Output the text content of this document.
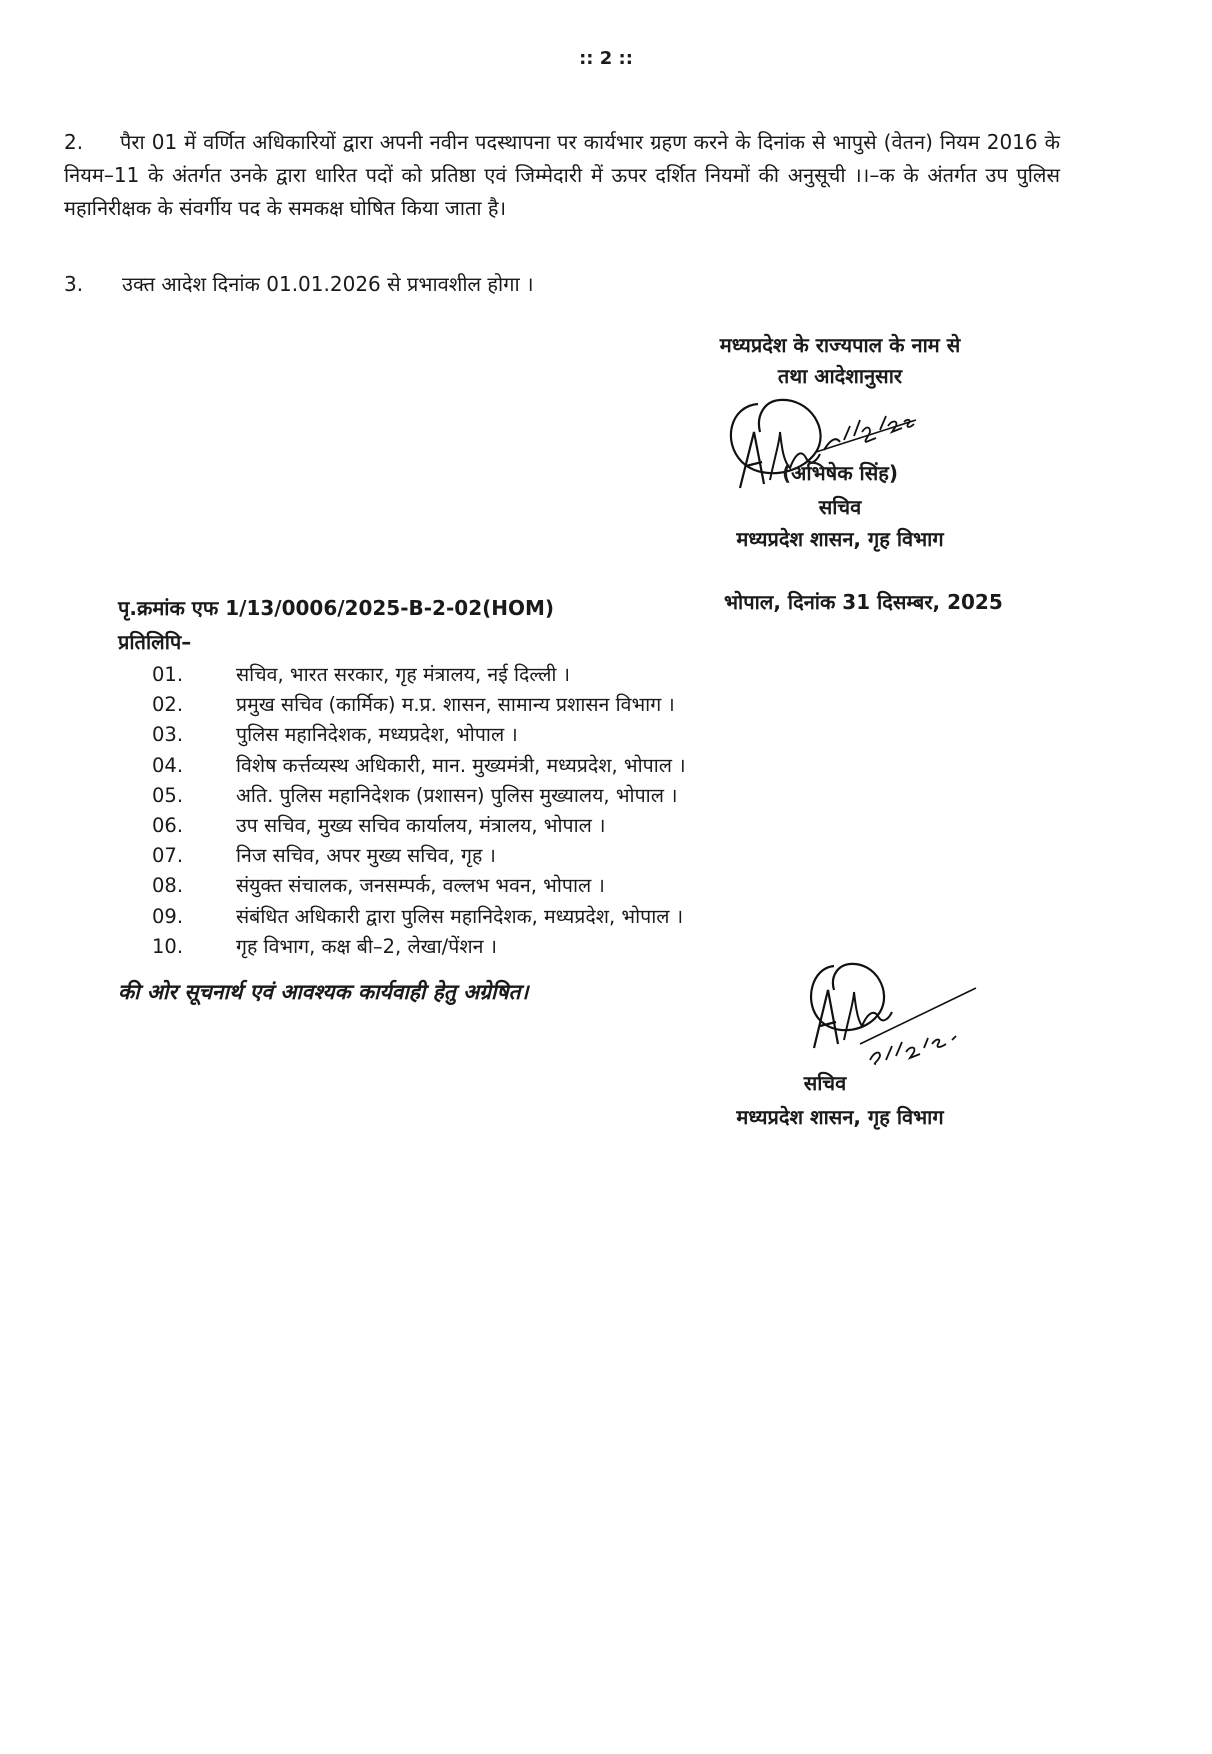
:: 2 ::
2. पैरा 01 में वर्णित अधिकारियों द्वारा अपनी नवीन पदस्थापना पर कार्यभार ग्रहण करने के दिनांक से भापुसे (वेतन) नियम 2016 के नियम–11 के अंतर्गत उनके द्वारा धारित पदों को प्रतिष्ठा एवं जिम्मेदारी में ऊपर दर्शित नियमों की अनुसूची ।।–क के अंतर्गत उप पुलिस महानिरीक्षक के संवर्गीय पद के समकक्ष घोषित किया जाता है।
3. उक्त आदेश दिनांक 01.01.2026 से प्रभावशील होगा ।
मध्यप्रदेश के राज्यपाल के नाम से
तथा आदेशानुसार
(अभिषेक सिंह)
सचिव
मध्यप्रदेश शासन, गृह विभाग
पृ.क्रमांक एफ 1/13/0006/2025-B-2-02(HOM)	भोपाल, दिनांक 31 दिसम्बर, 2025
प्रतिलिपि–
01.	सचिव, भारत सरकार, गृह मंत्रालय, नई दिल्ली ।
02.	प्रमुख सचिव (कार्मिक) म.प्र. शासन, सामान्य प्रशासन विभाग ।
03.	पुलिस महानिदेशक, मध्यप्रदेश, भोपाल ।
04.	विशेष कर्त्तव्यस्थ अधिकारी, मान. मुख्यमंत्री, मध्यप्रदेश, भोपाल ।
05.	अति. पुलिस महानिदेशक (प्रशासन) पुलिस मुख्यालय, भोपाल ।
06.	उप सचिव, मुख्य सचिव कार्यालय, मंत्रालय, भोपाल ।
07.	निज सचिव, अपर मुख्य सचिव, गृह ।
08.	संयुक्त संचालक, जनसम्पर्क, वल्लभ भवन, भोपाल ।
09.	संबंधित अधिकारी द्वारा पुलिस महानिदेशक, मध्यप्रदेश, भोपाल ।
10.	गृह विभाग, कक्ष बी–2, लेखा/पेंशन ।
की ओर सूचनार्थ एवं आवश्यक कार्यवाही हेतु अग्रेषित।
सचिव
मध्यप्रदेश शासन, गृह विभाग
